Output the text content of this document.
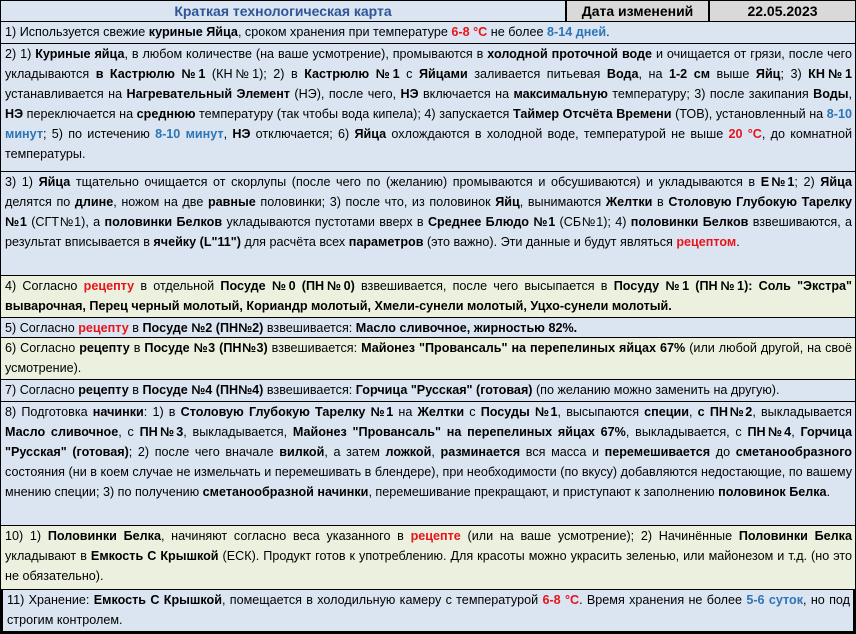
Краткая технологическая карта	Дата изменений	22.05.2023

1) Используется свежие куриные Яйца, сроком хранения при температуре 6-8 °С не более 8-14 дней.

2) 1) Куриные яйца, в любом количестве (на ваше усмотрение), промываются в холодной проточной воде и очищается от грязи, после чего укладываются в Кастрюлю №1 (КН№1); 2) в Кастрюлю №1 с Яйцами заливается питьевая Вода, на 1-2 см выше Яйц; 3) КН№1 устанавливается на Нагревательный Элемент (НЭ), после чего, НЭ включается на максимальную температуру; 3) после закипания Воды, НЭ переключается на среднюю температуру (так чтобы вода кипела); 4) запускается Таймер Отсчёта Времени (ТОВ), установленный на 8-10 минут; 5) по истечению 8-10 минут, НЭ отключается; 6) Яйца охлождаются в холодной воде, температурой не выше 20 °С, до комнатной температуры.

3) 1) Яйца тщательно очищается от скорлупы (после чего по (желанию) промываются и обсушиваются) и укладываются в Е№1; 2) Яйца делятся по длине, ножом на две равные половинки; 3) после что, из половинок Яйц, вынимаются Желтки в Столовую Глубокую Тарелку №1 (СГТ№1), а половинки Белков укладываются пустотами вверх в Среднее Блюдо №1 (СБ№1); 4) половинки Белков взвешиваются, а результат вписывается в ячейку (L"11") для расчёта всех параметров (это важно). Эти данные и будут являться рецептом.

4) Согласно рецепту в отдельной Посуде №0 (ПН№0) взвешивается, после чего высыпается в Посуду №1 (ПН№1): Соль "Экстра" выварочная, Перец черный молотый, Кориандр молотый, Хмели-сунели молотый, Уцхо-сунели молотый.

5) Согласно рецепту в Посуде №2 (ПН№2) взвешивается: Масло сливочное, жирностью 82%.

6) Согласно рецепту в Посуде №3 (ПН№3) взвешивается: Майонез "Провансаль" на перепелиных яйцах 67% (или любой другой, на своё усмотрение).

7) Согласно рецепту в Посуде №4 (ПН№4) взвешивается: Горчица "Русская" (готовая) (по желанию можно заменить на другую).

8) Подготовка начинки: 1) в Столовую Глубокую Тарелку №1 на Желтки с Посуды №1, высыпаются специи, с ПН№2, выкладывается Масло сливочное, с ПН№3, выкладывается, Майонез "Провансаль" на перепелиных яйцах 67%, выкладывается, с ПН№4, Горчица "Русская" (готовая); 2) после чего вначале вилкой, а затем ложкой, разминается вся масса и перемешивается до сметанообразного состояния (ни в коем случае не измельчать и перемешивать в блендере), при необходимости (по вкусу) добавляются недостающие, по вашему мнению специи; 3) по получению сметанообразной начинки, перемешивание прекращают, и приступают к заполнению половинок Белка.

10) 1) Половинки Белка, начиняют согласно веса указанного в рецепте (или на ваше усмотрение); 2) Начинённые Половинки Белка укладывают в Емкость С Крышкой (ЕСК). Продукт готов к употреблению. Для красоты можно украсить зеленью, или майонезом и т.д. (но это не обязательно).

11) Хранение: Емкость С Крышкой, помещается в холодильную камеру с температурой 6-8 °С. Время хранения не более 5-6 суток, но под строгим контролем.
